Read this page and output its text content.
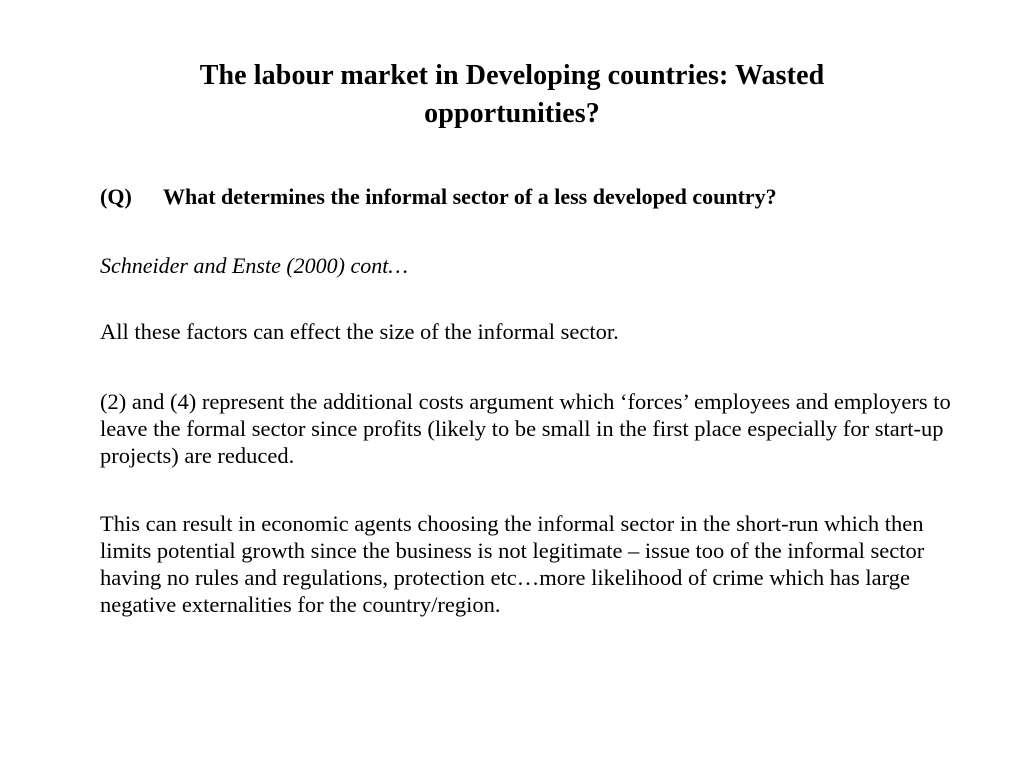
The labour market in Developing countries: Wasted opportunities?
(Q) What determines the informal sector of a less developed country?
Schneider and Enste (2000) cont…

All these factors can effect the size of the informal sector.

(2) and (4) represent the additional costs argument which ‘forces’ employees and employers to leave the formal sector since profits (likely to be small in the first place especially for start-up projects) are reduced.

This can result in economic agents choosing the informal sector in the short-run which then limits potential growth since the business is not legitimate – issue too of the informal sector having no rules and regulations, protection etc…more likelihood of crime which has large negative externalities for the country/region.
